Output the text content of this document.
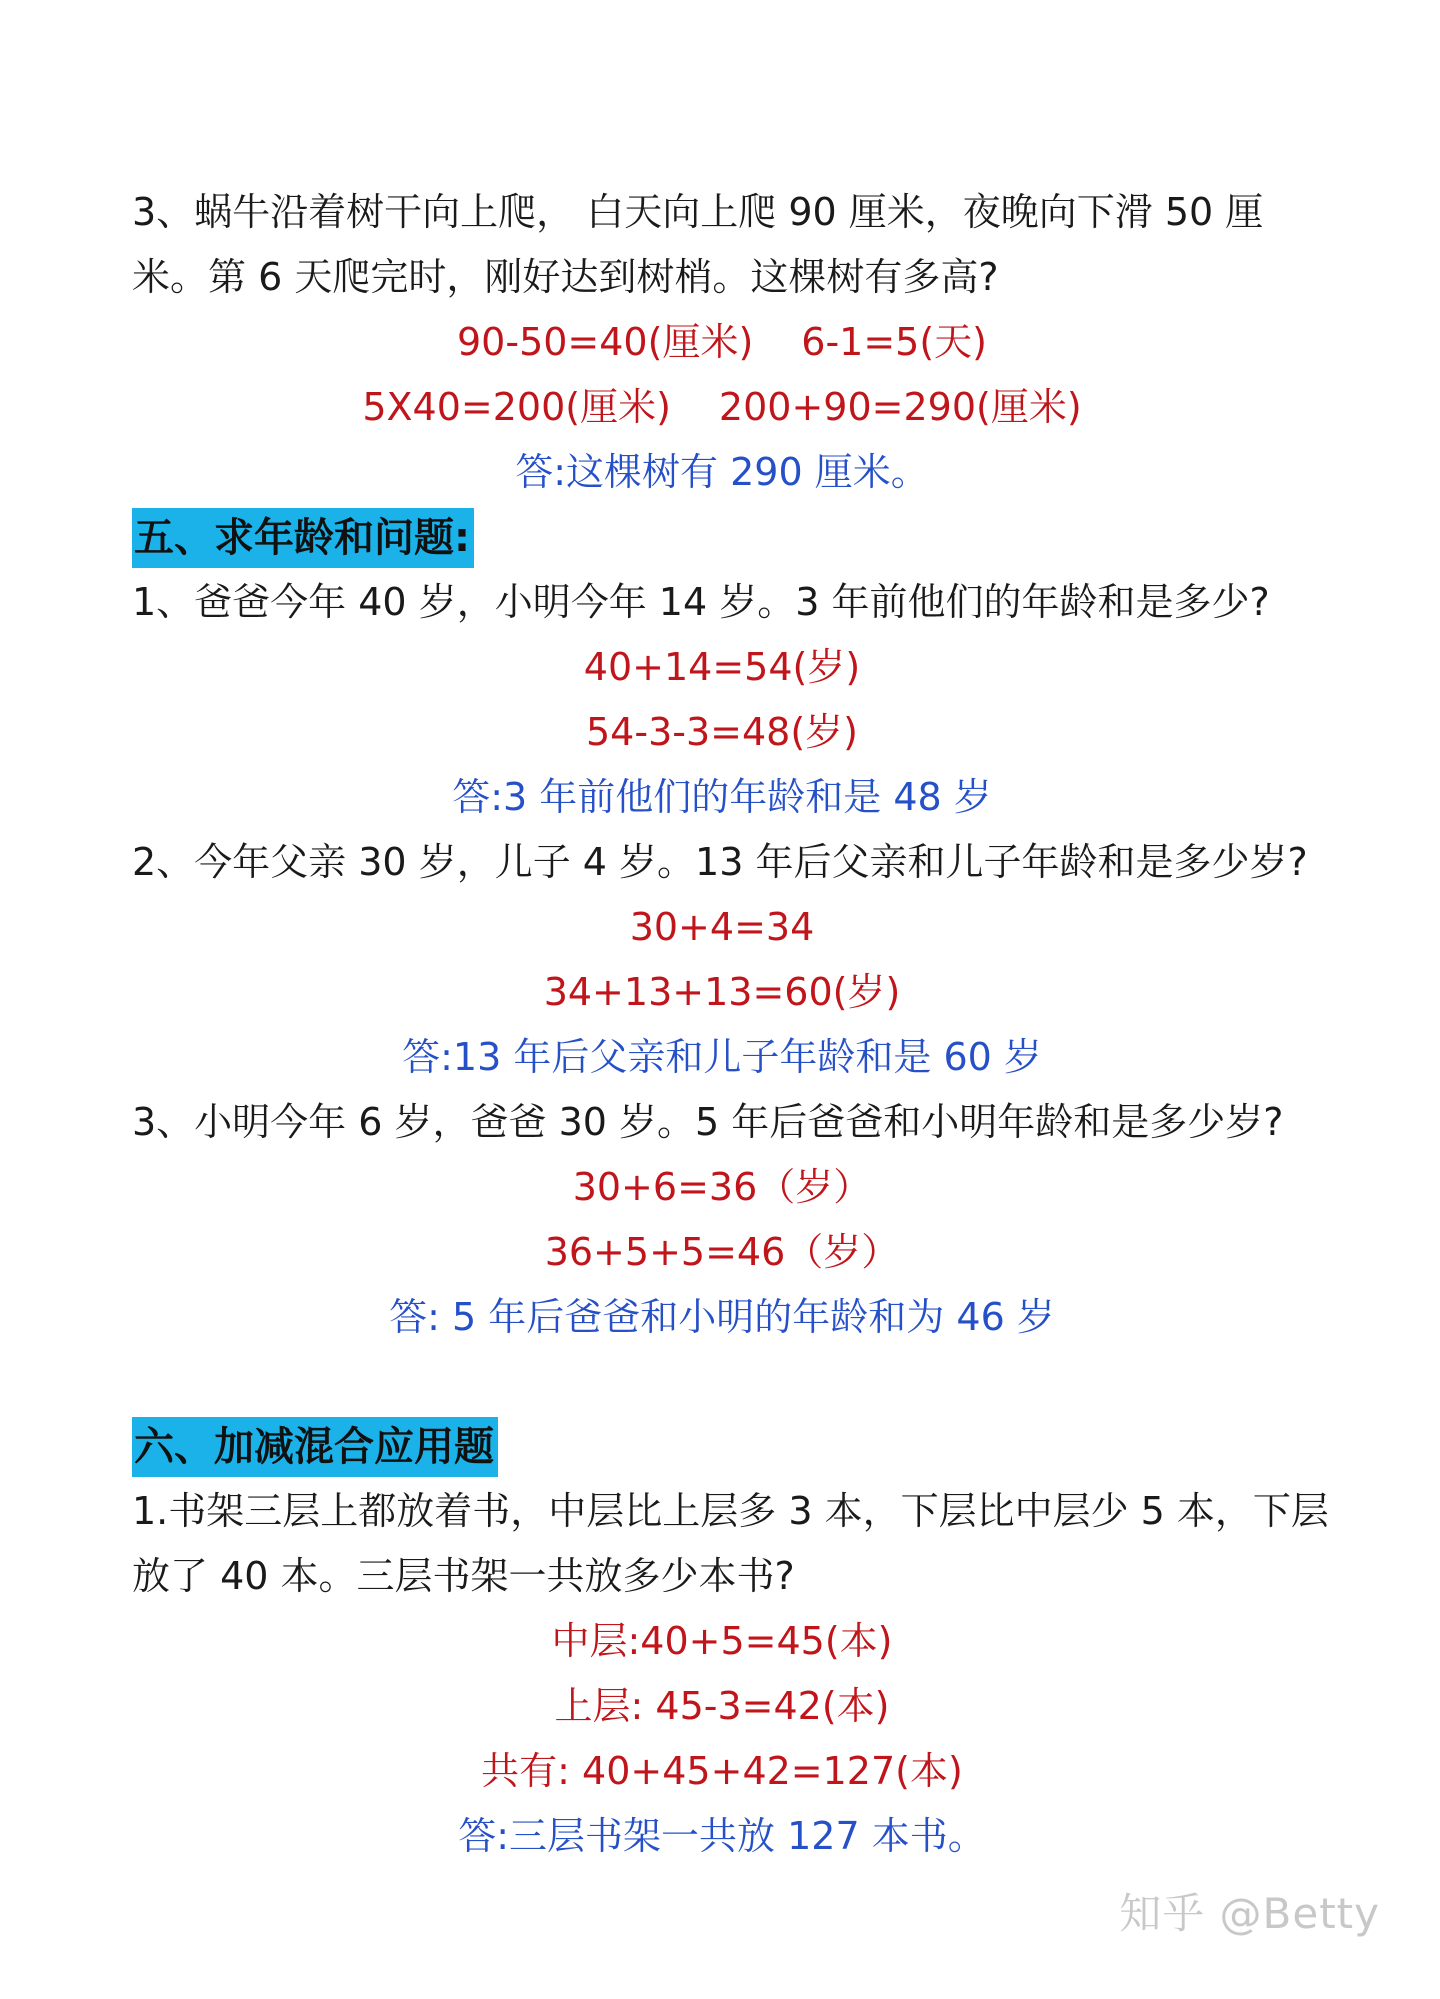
3、蜗牛沿着树干向上爬， 白天向上爬 90 厘米，夜晚向下滑 50 厘
米。第 6 天爬完时，刚好达到树梢。这棵树有多高?
90-50=40(厘米) 6-1=5(天)
5X40=200(厘米) 200+90=290(厘米)
答:这棵树有 290 厘米。
五、求年龄和问题:
1、爸爸今年 40 岁，小明今年 14 岁。3 年前他们的年龄和是多少?
40+14=54(岁)
54-3-3=48(岁)
答:3 年前他们的年龄和是 48 岁
2、今年父亲 30 岁，儿子 4 岁。13 年后父亲和儿子年龄和是多少岁?
30+4=34
34+13+13=60(岁)
答:13 年后父亲和儿子年龄和是 60 岁
3、小明今年 6 岁，爸爸 30 岁。5 年后爸爸和小明年龄和是多少岁?
30+6=36（岁）
36+5+5=46（岁）
答: 5 年后爸爸和小明的年龄和为 46 岁
六、加减混合应用题
1.书架三层上都放着书，中层比上层多 3 本，下层比中层少 5 本，下层
放了 40 本。三层书架一共放多少本书?
中层:40+5=45(本)
上层: 45-3=42(本)
共有: 40+45+42=127(本)
答:三层书架一共放 127 本书。
知乎 @Betty
